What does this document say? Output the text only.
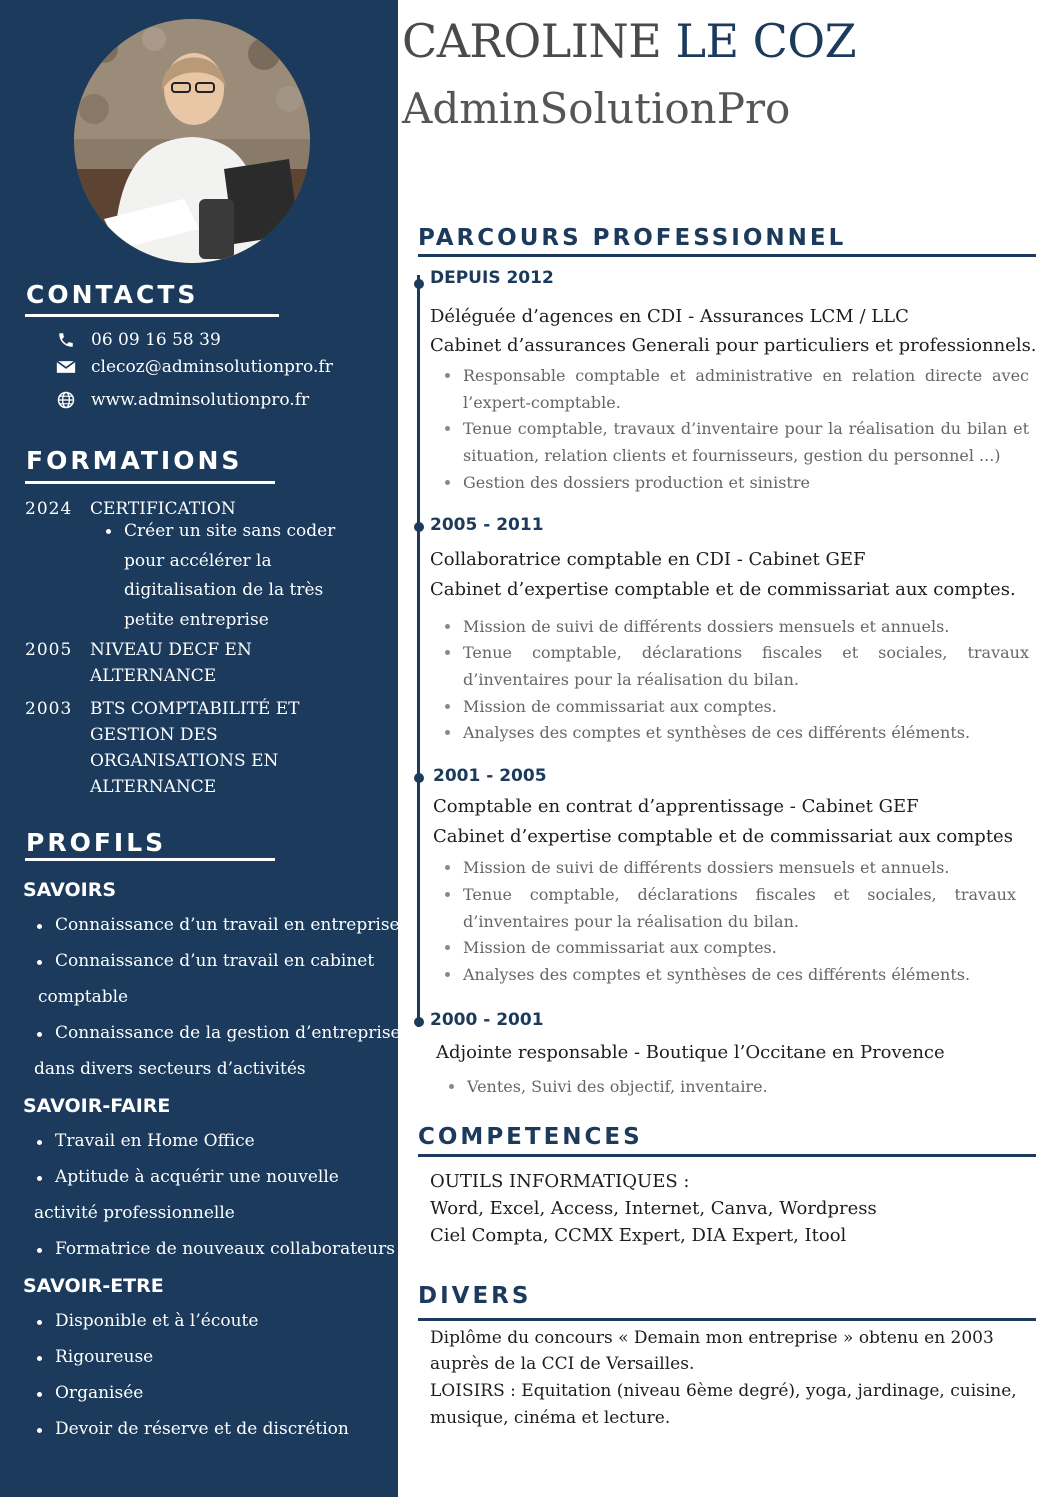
CONTACTS
06 09 16 58 39
clecoz@adminsolutionpro.fr
www.adminsolutionpro.fr
FORMATIONS
2024 CERTIFICATION
Créer un site sans coder
pour accélérer la
digitalisation de la très
petite entreprise
2005 NIVEAU DECF EN ALTERNANCE
2003 BTS COMPTABILITÉ ET GESTION DES ORGANISATIONS EN ALTERNANCE
PROFILS
SAVOIRS
Connaissance d’un travail en entreprise
Connaissance d’un travail en cabinet
comptable
Connaissance de la gestion d’entreprise
dans divers secteurs d’activités
SAVOIR-FAIRE
Travail en Home Office
Aptitude à acquérir une nouvelle
activité professionnelle
Formatrice de nouveaux collaborateurs
SAVOIR-ETRE
Disponible et à l’écoute
Rigoureuse
Organisée
Devoir de réserve et de discrétion
CAROLINE LE COZ
AdminSolutionPro
PARCOURS PROFESSIONNEL
DEPUIS 2012
Déléguée d’agences en CDI - Assurances LCM / LLC
Cabinet d’assurances Generali pour particuliers et professionnels.
Responsable comptable et administrative en relation directe avec l’expert-comptable.
Tenue comptable, travaux d’inventaire pour la réalisation du bilan et situation, relation clients et fournisseurs, gestion du personnel ...)
Gestion des dossiers production et sinistre
2005 - 2011
Collaboratrice comptable en CDI - Cabinet GEF
Cabinet d’expertise comptable et de commissariat aux comptes.
Mission de suivi de différents dossiers mensuels et annuels.
Tenue comptable, déclarations fiscales et sociales, travaux d’inventaires pour la réalisation du bilan.
Mission de commissariat aux comptes.
Analyses des comptes et synthèses de ces différents éléments.
2001 - 2005
Comptable en contrat d’apprentissage - Cabinet GEF
Cabinet d’expertise comptable et de commissariat aux comptes
Mission de suivi de différents dossiers mensuels et annuels.
Tenue comptable, déclarations fiscales et sociales, travaux d’inventaires pour la réalisation du bilan.
Mission de commissariat aux comptes.
Analyses des comptes et synthèses de ces différents éléments.
2000 - 2001
Adjointe responsable - Boutique l’Occitane en Provence
Ventes, Suivi des objectif, inventaire.
COMPETENCES
OUTILS INFORMATIQUES :
Word, Excel, Access, Internet, Canva, Wordpress
Ciel Compta, CCMX Expert, DIA Expert, Itool
DIVERS
Diplôme du concours « Demain mon entreprise » obtenu en 2003
auprès de la CCI de Versailles.
LOISIRS : Equitation (niveau 6ème degré), yoga, jardinage, cuisine,
musique, cinéma et lecture.
